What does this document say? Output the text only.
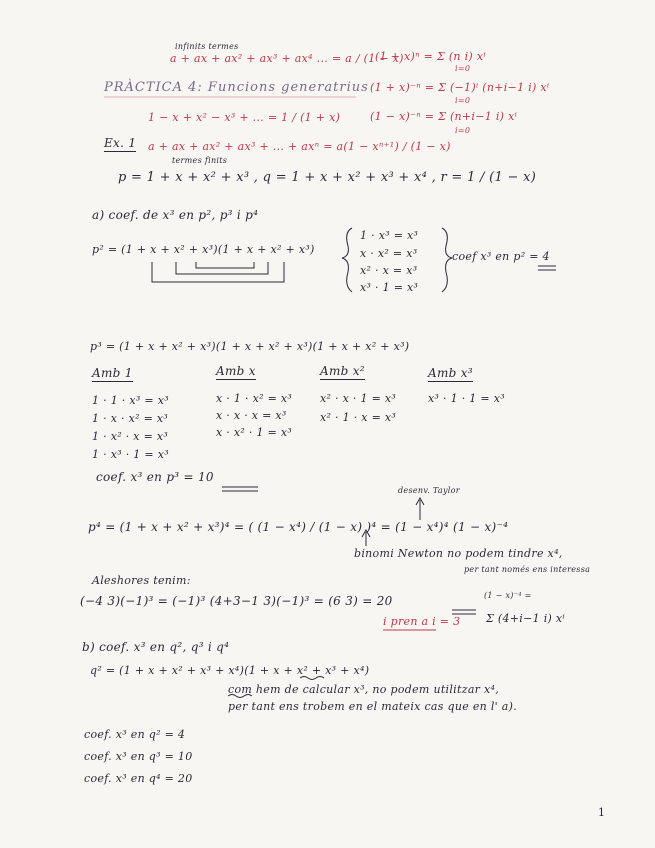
infinits termes
a + ax + ax² + ax³ + ax⁴ ... = a / (1 − x)
(1 + x)ⁿ = Σ (n i) xⁱ
i=0
PRÀCTICA 4: Funcions generatrius (1 + x)⁻ⁿ = Σ (−1)ⁱ (n+i−1 i) xⁱ
i=0
1 − x + x² − x³ + ... = 1 / (1 + x)	(1 − x)⁻ⁿ = Σ (n+i−1 i) xⁱ
i=0
Ex. 1 a + ax + ax² + ax³ + ... + axⁿ = a(1 − xⁿ⁺¹) / (1 − x)
termes finits
p = 1 + x + x² + x³ , q = 1 + x + x² + x³ + x⁴ , r = 1 / (1 − x)
a) coef. de x³ en p², p³ i p⁴
p² = (1 + x + x² + x³)(1 + x + x² + x³)
1 · x³ = x³
x · x² = x³
x² · x = x³
x³ · 1 = x³
coef x³ en p² = 4
p³ = (1 + x + x² + x³)(1 + x + x² + x³)(1 + x + x² + x³)
Amb 1
1 · 1 · x³ = x³
1 · x · x² = x³
1 · x² · x = x³
1 · x³ · 1 = x³
Amb x
x · 1 · x² = x³
x · x · x = x³
x · x² · 1 = x³
Amb x²
x² · x · 1 = x³
x² · 1 · x = x³
Amb x³
x³ · 1 · 1 = x³
coef. x³ en p³ = 10
desenv. Taylor
p⁴ = (1 + x + x² + x³)⁴ = ( (1 − x⁴) / (1 − x) )⁴ = (1 − x⁴)⁴ (1 − x)⁻⁴
binomi Newton no podem tindre x⁴,
per tant només ens interessa
Aleshores tenim:
(1 − x)⁻⁴ =
(−4 3)(−1)³ = (−1)³ (4+3−1 3)(−1)³ = (6 3) = 20
i pren a i = 3 Σ (4+i−1 i) xⁱ
b) coef. x³ en q², q³ i q⁴
q² = (1 + x + x² + x³ + x⁴)(1 + x + x² + x³ + x⁴)
com hem de calcular x³, no podem utilitzar x⁴,
per tant ens trobem en el mateix cas que en l' a).
coef. x³ en q² = 4
coef. x³ en q³ = 10
coef. x³ en q⁴ = 20
1
